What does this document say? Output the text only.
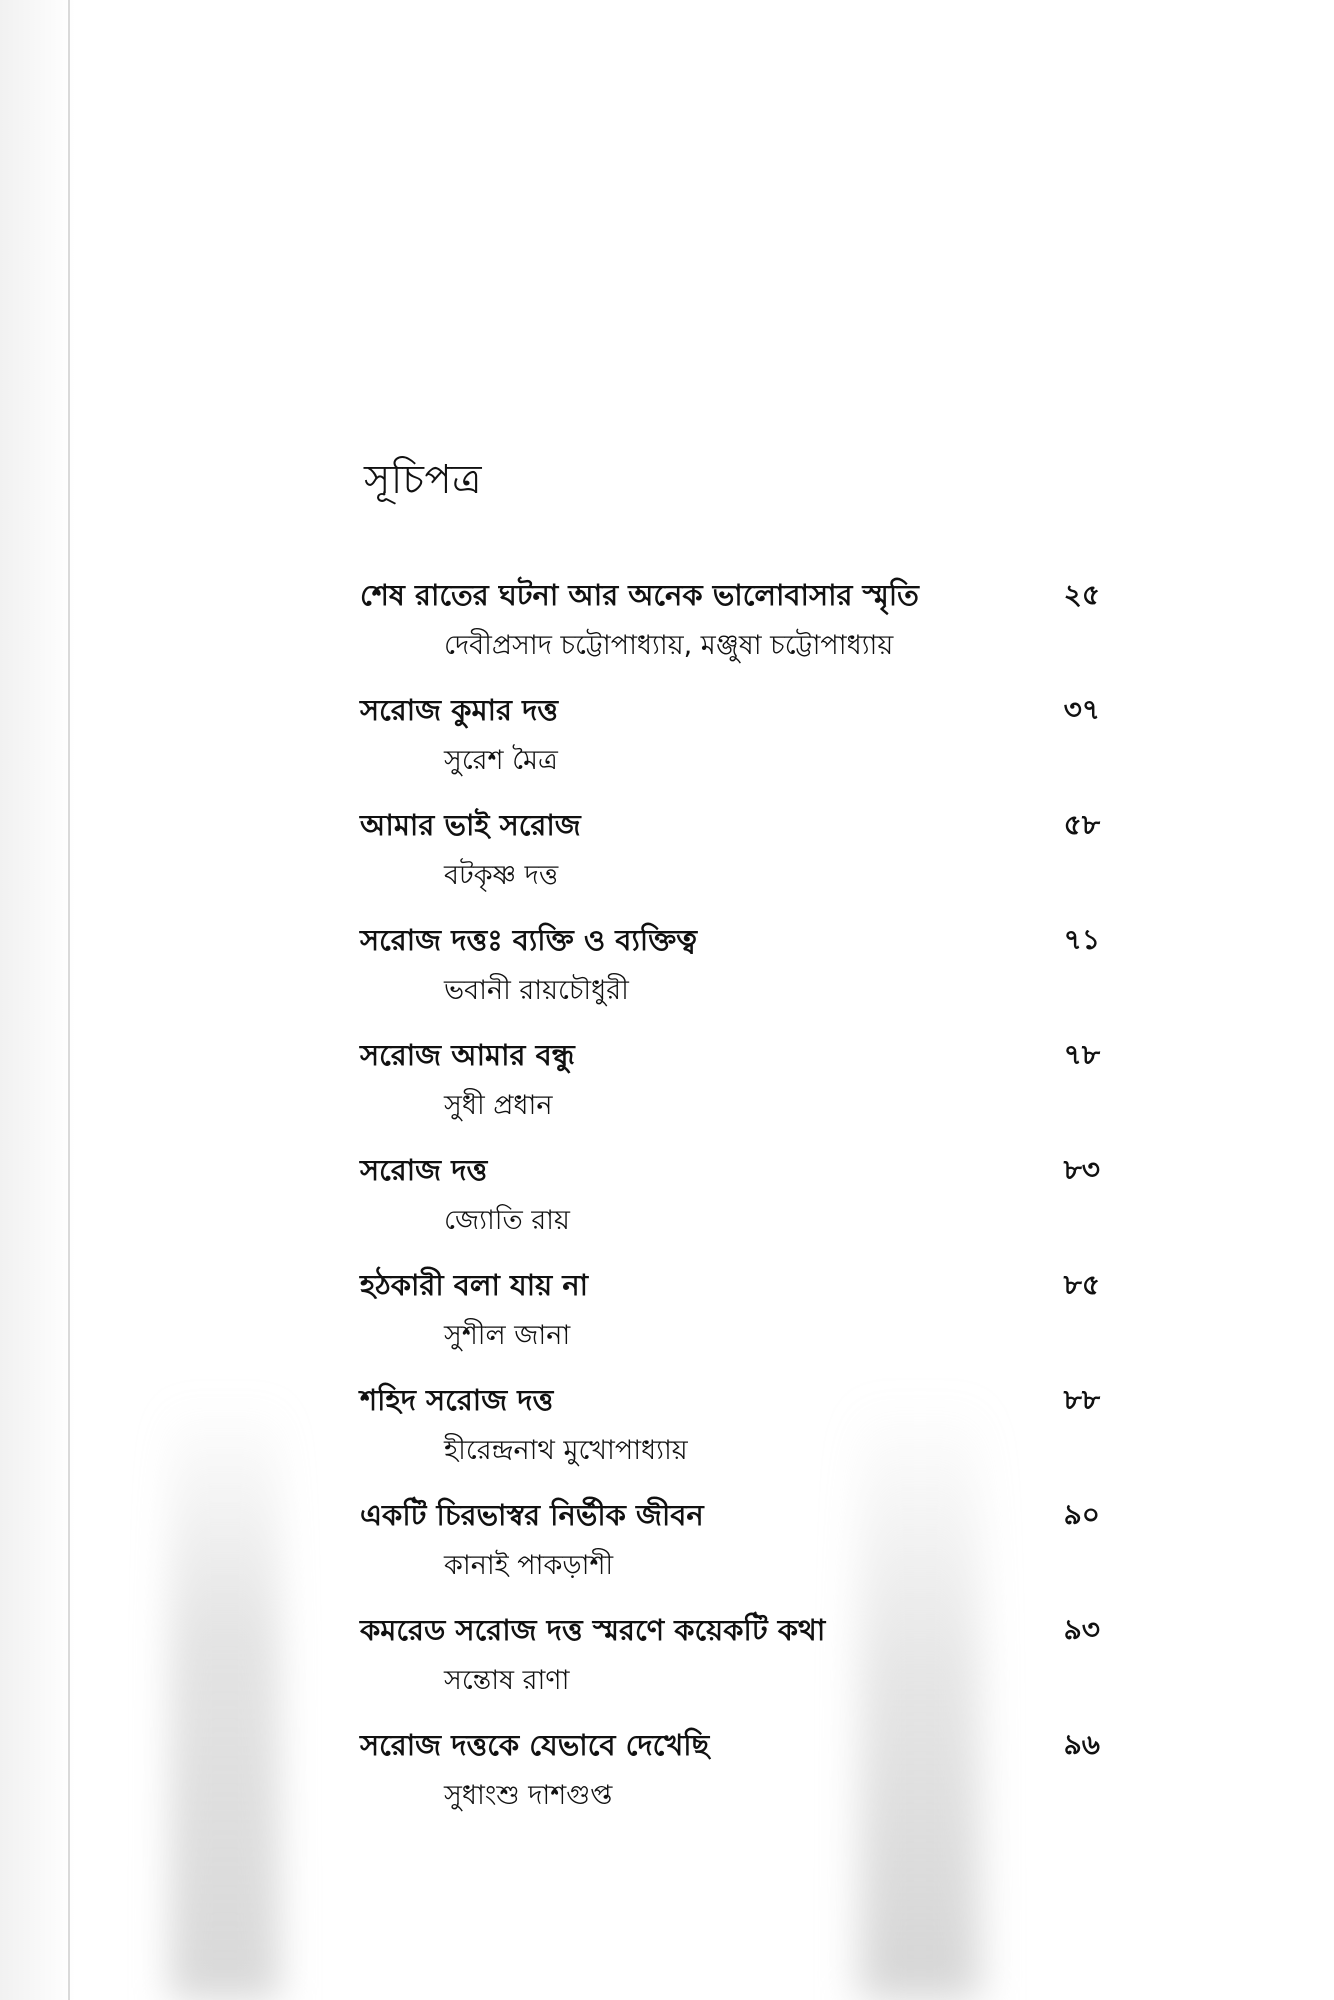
সূচিপত্র
শেষ রাতের ঘটনা আর অনেক ভালোবাসার স্মৃতি	২৫
দেবীপ্রসাদ চট্টোপাধ্যায়, মঞ্জুষা চট্টোপাধ্যায়
সরোজ কুমার দত্ত	৩৭
সুরেশ মৈত্র
আমার ভাই সরোজ	৫৮
বটকৃষ্ণ দত্ত
সরোজ দত্তঃ ব্যক্তি ও ব্যক্তিত্ব	৭১
ভবানী রায়চৌধুরী
সরোজ আমার বন্ধু	৭৮
সুধী প্রধান
সরোজ দত্ত	৮৩
জ্যোতি রায়
হঠকারী বলা যায় না	৮৫
সুশীল জানা
শহিদ সরোজ দত্ত	৮৮
হীরেন্দ্রনাথ মুখোপাধ্যায়
একটি চিরভাস্বর নির্ভীক জীবন	৯০
কানাই পাকড়াশী
কমরেড সরোজ দত্ত স্মরণে কয়েকটি কথা	৯৩
সন্তোষ রাণা
সরোজ দত্তকে যেভাবে দেখেছি	৯৬
সুধাংশু দাশগুপ্ত
